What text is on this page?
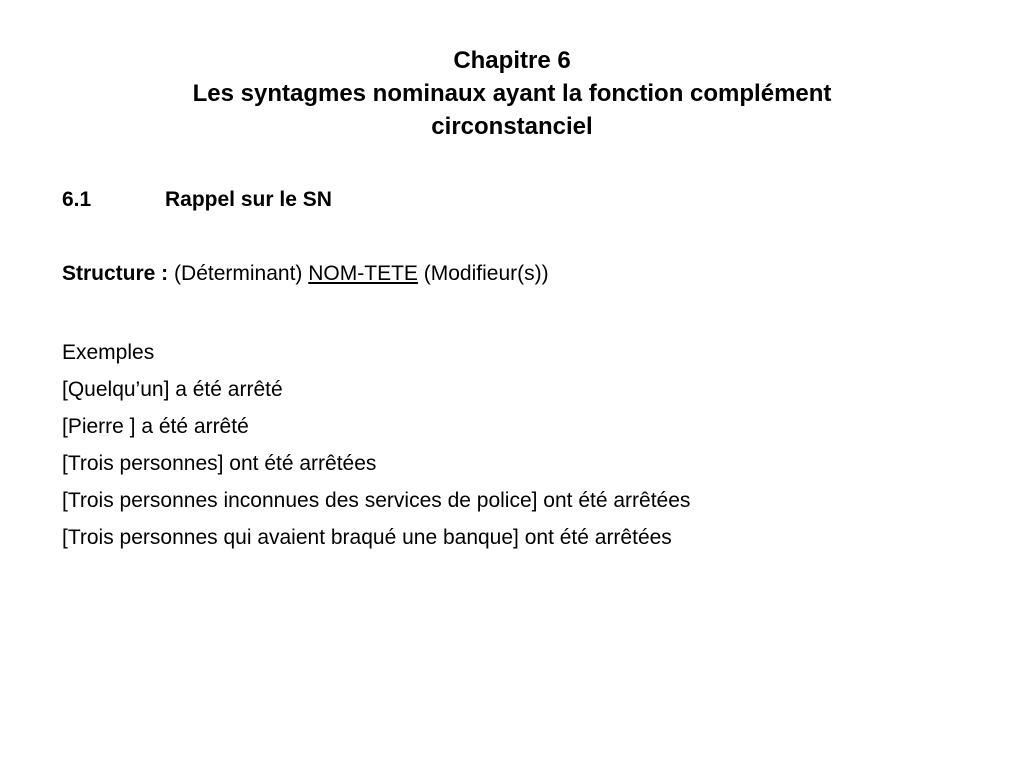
Chapitre 6
Les syntagmes nominaux ayant la fonction complément
circonstanciel
6.1	Rappel sur le SN
Structure : (Déterminant) NOM-TETE (Modifieur(s))
Exemples
[Quelqu’un] a été arrêté
[Pierre ] a été arrêté
[Trois personnes] ont été arrêtées
[Trois personnes inconnues des services de police] ont été arrêtées
[Trois personnes qui avaient braqué une banque] ont été arrêtées
